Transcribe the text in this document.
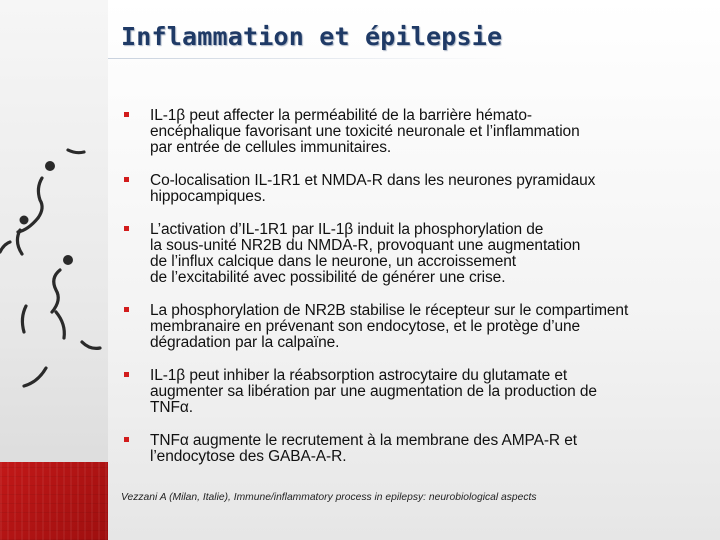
Inflammation et épilepsie
IL-1β peut affecter la perméabilité de la barrière hémato-
encéphalique favorisant une toxicité neuronale et l’inflammation
par entrée de cellules immunitaires.
Co-localisation IL-1R1 et NMDA-R dans les neurones pyramidaux
hippocampiques.
L’activation d’IL-1R1 par IL-1β induit la phosphorylation de
la sous-unité NR2B du NMDA-R, provoquant une augmentation
de l’influx calcique dans le neurone, un accroissement
de l’excitabilité avec possibilité de générer une crise.
La phosphorylation de NR2B stabilise le récepteur sur le compartiment
membranaire en prévenant son endocytose, et le protège d’une
dégradation par la calpaïne.
IL-1β peut inhiber la réabsorption astrocytaire du glutamate et
augmenter sa libération par une augmentation de la production de
TNFα.
TNFα augmente le recrutement à la membrane des AMPA-R et
l’endocytose des GABA-A-R.
Vezzani A (Milan, Italie), Immune/inflammatory process in epilepsy: neurobiological aspects
